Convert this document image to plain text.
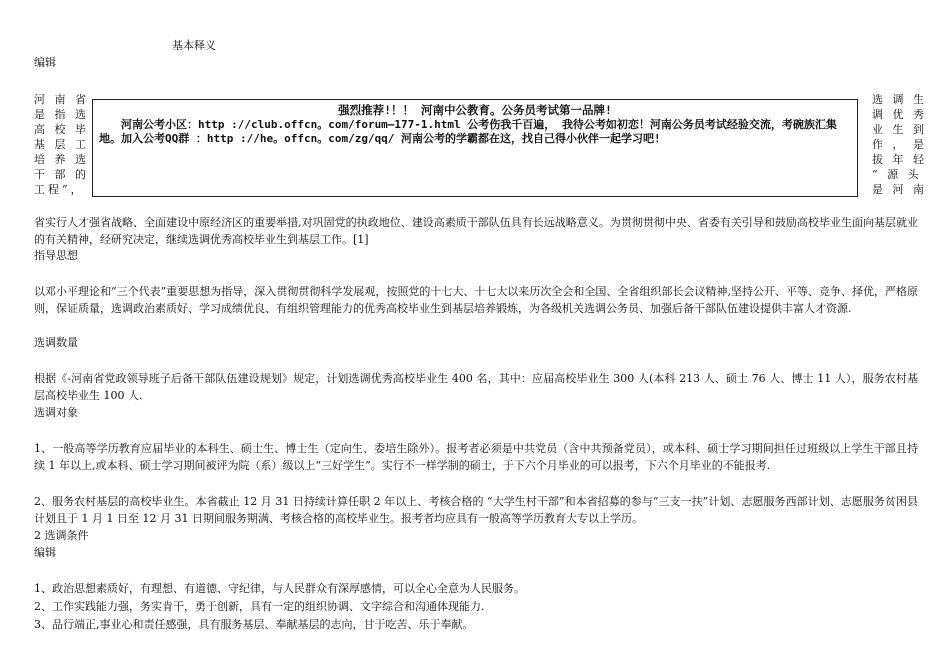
基本释义
编辑
河 南 省
是 指 选
高 校 毕
基 层 工
培 养 选
干 部 的
工程”，
选 调 生
调 优 秀
业 生 到
作 ， 是
拔 年 轻
“ 源 头
是 河 南
强烈推荐!！！ 河南中公教育。公务员考试第一品牌!
河南公考小区：http ://club.offcn。com/forum—177-1.html 公考伤我千百遍， 我待公考如初恋！河南公务员考试经验交流，考碗族汇集地。加入公考QQ群 ：http ://he。offcn。com/zg/qq/ 河南公考的学霸都在这，找自己得小伙伴一起学习吧!
省实行人才强省战略、全面建设中原经济区的重要举措,对巩固党的执政地位、建设高素质干部队伍具有长远战略意义。为贯彻贯彻中央、省委有关引导和鼓励高校毕业生面向基层就业的有关精神，经研究决定，继续选调优秀高校毕业生到基层工作。[1]
指导思想
以邓小平理论和“三个代表”重要思想为指导，深入贯彻贯彻科学发展观，按照党的十七大、十七大以来历次全会和全国、全省组织部长会议精神,坚持公开、平等、竞争、择优，严格原则，保证质量，选调政治素质好、学习成绩优良、有组织管理能力的优秀高校毕业生到基层培养锻炼，为各级机关选调公务员、加强后备干部队伍建设提供丰富人才资源.
选调数量
根据《-河南省党政领导班子后备干部队伍建设规划》规定，计划选调优秀高校毕业生 400 名，其中：应届高校毕业生 300 人(本科 213 人、硕士 76 人、博士 11 人），服务农村基层高校毕业生 100 人.
选调对象
1、一般高等学历教育应届毕业的本科生、硕士生、博士生（定向生、委培生除外）。报考者必须是中共党员（含中共预备党员），或本科、硕士学习期间担任过班级以上学生干部且持续 1 年以上,或本科、硕士学习期间被评为院（系）级以上“三好学生”。实行不一样学制的硕士，于下六个月毕业的可以报考，下六个月毕业的不能报考.
2、服务农村基层的高校毕业生。本省截止 12 月 31 日持续计算任职 2 年以上、考核合格的 “大学生村干部”和本省招募的参与“三支一扶”计划、志愿服务西部计划、志愿服务贫困县计划且于 1 月 1 日至 12 月 31 日期间服务期满、考核合格的高校毕业生。报考者均应具有一般高等学历教育大专以上学历。
2 选调条件
编辑
1、政治思想素质好，有理想、有道德、守纪律，与人民群众有深厚感情，可以全心全意为人民服务。
2、工作实践能力强，务实肯干，勇于创新，具有一定的组织协调、文字综合和沟通体现能力.
3、品行端正,事业心和责任感强，具有服务基层、奉献基层的志向，甘于吃苦、乐于奉献。
